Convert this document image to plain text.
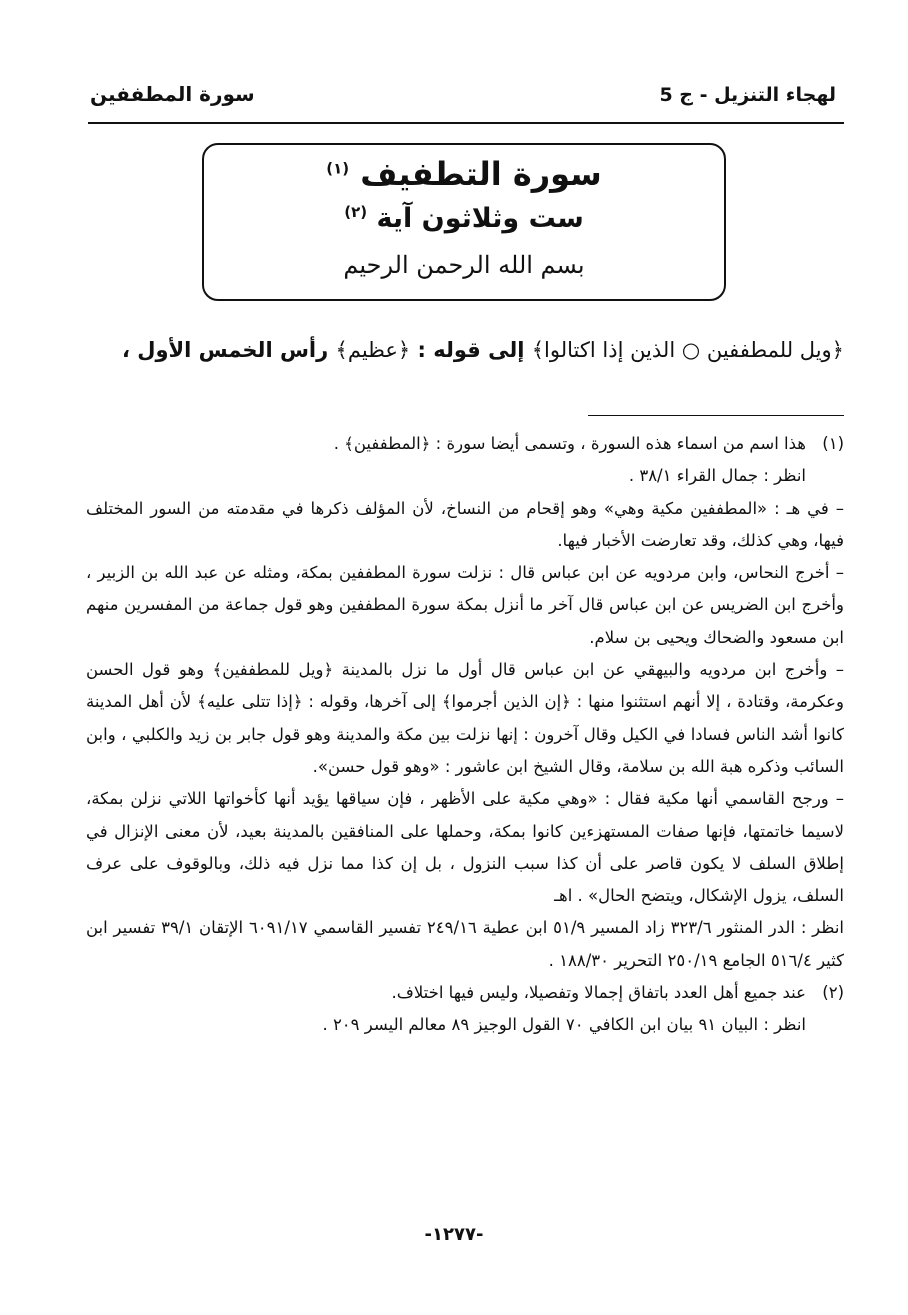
لهجاء التنزيل - ج 5
سورة المطففين
سورة التطفيف $^{(١)}$
ست وثلاثون آية $^{(٢)}$
بسم الله الرحمن الرحيم
﴿ويل للمطففين ○ الذين إذا اكتالوا﴾ إلى قوله : ﴿عظيم﴾ رأس الخمس الأول ،
(١)هذا اسم من اسماء هذه السورة ، وتسمى أيضا سورة : ﴿المطففين﴾ .
انظر : جمال القراء ٣٨/١ .
– في هـ : «المطففين مكية وهي» وهو إقحام من النساخ، لأن المؤلف ذكرها في مقدمته من السور المختلف فيها، وهي كذلك، وقد تعارضت الأخبار فيها.
– أخرج النحاس، وابن مردويه عن ابن عباس قال : نزلت سورة المطففين بمكة، ومثله عن عبد الله بن الزبير ، وأخرج ابن الضريس عن ابن عباس قال آخر ما أنزل بمكة سورة المطففين وهو قول جماعة من المفسرين منهم ابن مسعود والضحاك ويحيى بن سلام.
– وأخرج ابن مردويه والبيهقي عن ابن عباس قال أول ما نزل بالمدينة ﴿ويل للمطففين﴾ وهو قول الحسن وعكرمة، وقتادة ، إلا أنهم استثنوا منها : ﴿إن الذين أجرموا﴾ إلى آخرها، وقوله : ﴿إذا تتلى عليه﴾ لأن أهل المدينة كانوا أشد الناس فسادا في الكيل وقال آخرون : إنها نزلت بين مكة والمدينة وهو قول جابر بن زيد والكلبي ، وابن السائب وذكره هبة الله بن سلامة، وقال الشيخ ابن عاشور : «وهو قول حسن».
– ورجح القاسمي أنها مكية فقال : «وهي مكية على الأظهر ، فإن سياقها يؤيد أنها كأخواتها اللاتي نزلن بمكة، لاسيما خاتمتها، فإنها صفات المستهزءين كانوا بمكة، وحملها على المنافقين بالمدينة بعيد، لأن معنى الإنزال في إطلاق السلف لا يكون قاصر على أن كذا سبب النزول ، بل إن كذا مما نزل فيه ذلك، وبالوقوف على عرف السلف، يزول الإشكال، ويتضح الحال» . اهـ
انظر : الدر المنثور ٣٢٣/٦ زاد المسير ٥١/٩ ابن عطية ٢٤٩/١٦ تفسير القاسمي ٦٠٩١/١٧ الإتقان ٣٩/١ تفسير ابن كثير ٥١٦/٤ الجامع ٢٥٠/١٩ التحرير ١٨٨/٣٠ .
(٢)عند جميع أهل العدد باتفاق إجمالا وتفصيلا، وليس فيها اختلاف.
انظر : البيان ٩١ بيان ابن الكافي ٧٠ القول الوجيز ٨٩ معالم اليسر ٢٠٩ .
-١٢٧٧-
